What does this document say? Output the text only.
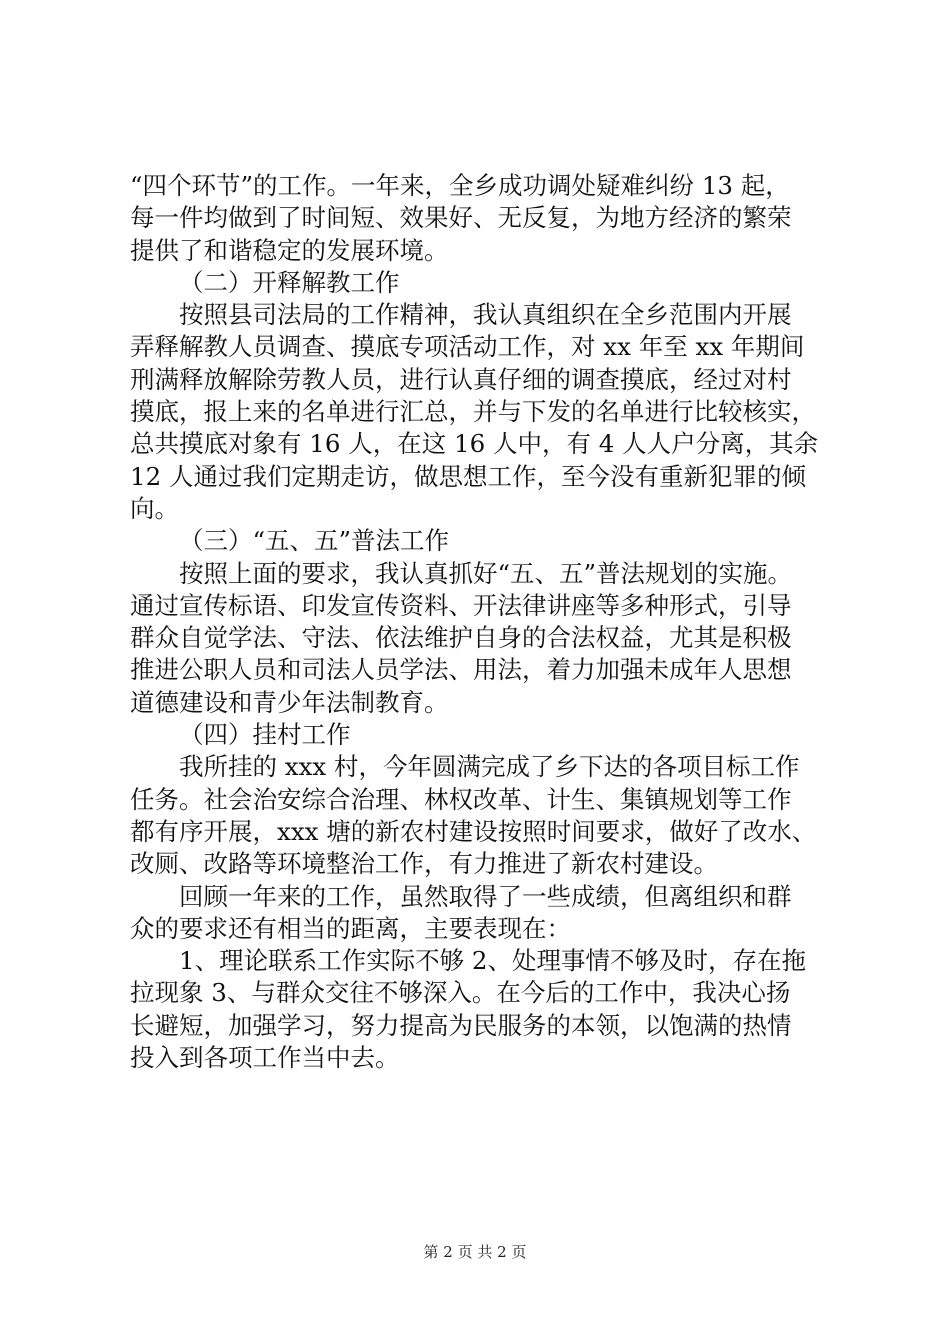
“四个环节”的工作。一年来，全乡成功调处疑难纠纷 13 起，
每一件均做到了时间短、效果好、无反复，为地方经济的繁荣
提供了和谐稳定的发展环境。
（二）开释解教工作
按照县司法局的工作精神，我认真组织在全乡范围内开展
弄释解教人员调查、摸底专项活动工作，对 xx 年至 xx 年期间
刑满释放解除劳教人员，进行认真仔细的调查摸底，经过对村
摸底，报上来的名单进行汇总，并与下发的名单进行比较核实，
总共摸底对象有 16 人，在这 16 人中，有 4 人人户分离，其余
12 人通过我们定期走访，做思想工作，至今没有重新犯罪的倾
向。
（三）“五、五”普法工作
按照上面的要求，我认真抓好“五、五”普法规划的实施。
通过宣传标语、印发宣传资料、开法律讲座等多种形式，引导
群众自觉学法、守法、依法维护自身的合法权益，尤其是积极
推进公职人员和司法人员学法、用法，着力加强未成年人思想
道德建设和青少年法制教育。
（四）挂村工作
我所挂的 xxx 村，今年圆满完成了乡下达的各项目标工作
任务。社会治安综合治理、林权改革、计生、集镇规划等工作
都有序开展，xxx 塘的新农村建设按照时间要求，做好了改水、
改厕、改路等环境整治工作，有力推进了新农村建设。
回顾一年来的工作，虽然取得了一些成绩，但离组织和群
众的要求还有相当的距离，主要表现在：
1、理论联系工作实际不够 2、处理事情不够及时，存在拖
拉现象 3、与群众交往不够深入。在今后的工作中，我决心扬
长避短，加强学习，努力提高为民服务的本领，以饱满的热情
投入到各项工作当中去。
第 2 页 共 2 页
